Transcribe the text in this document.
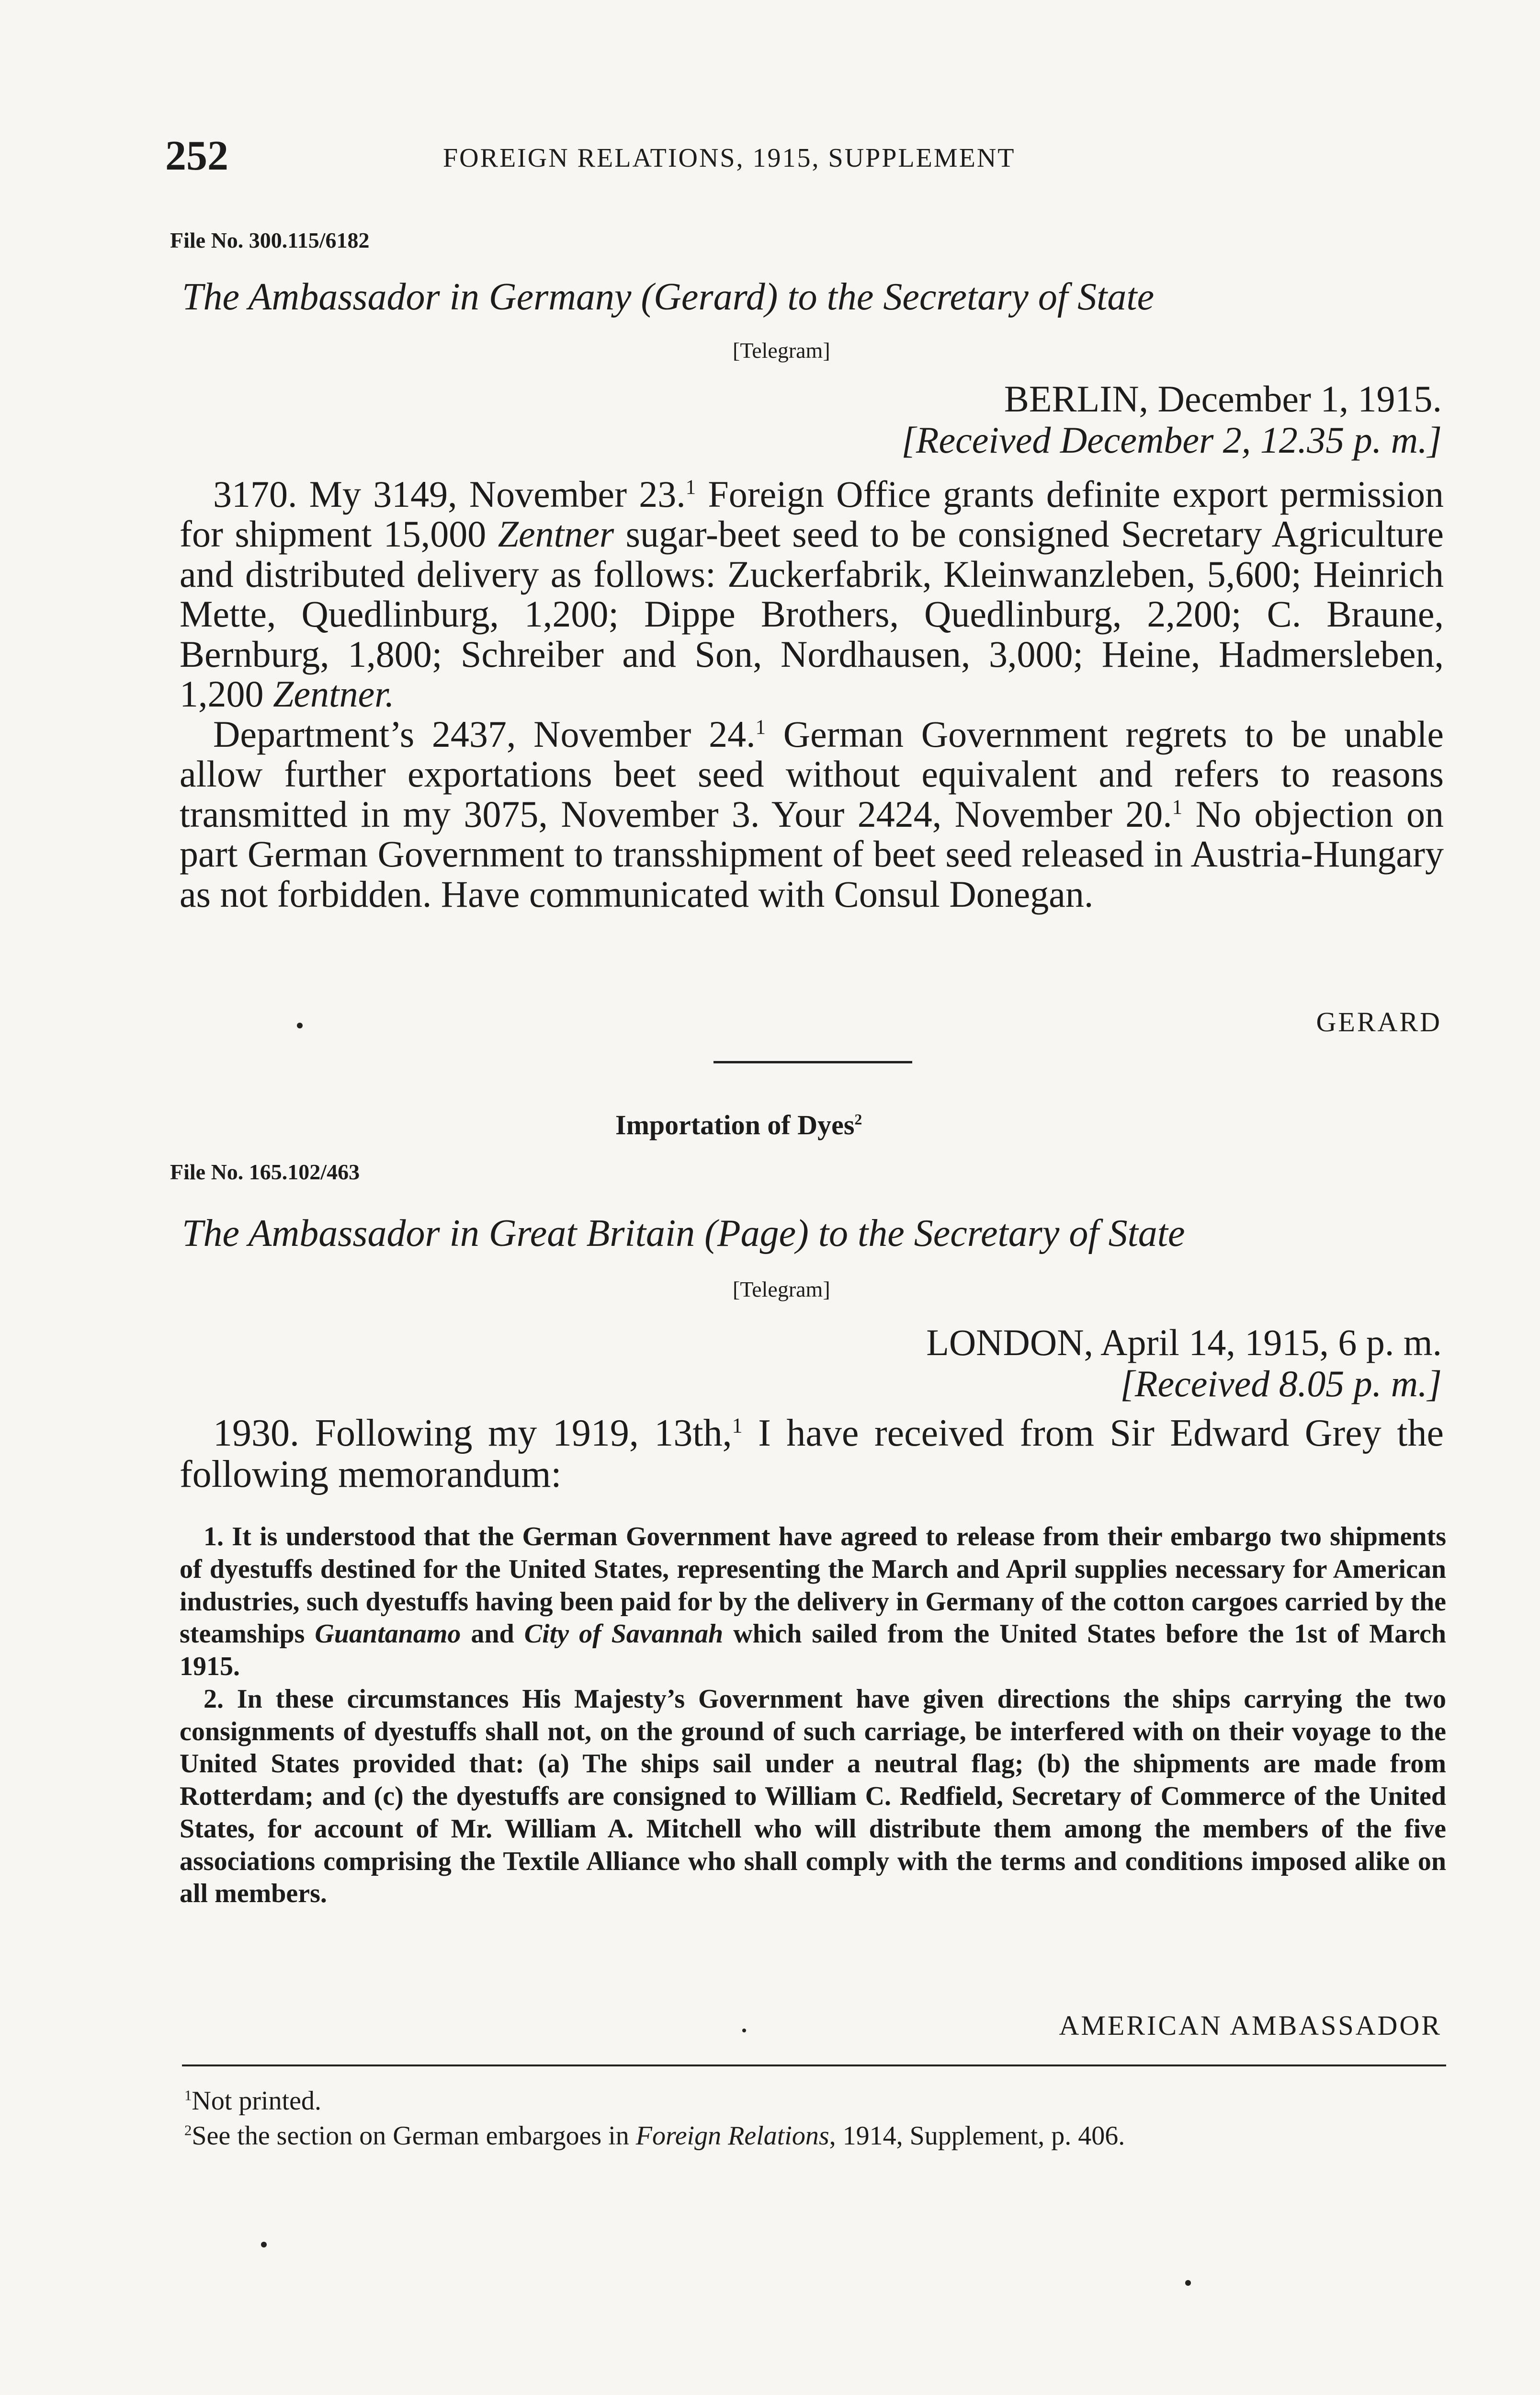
252	FOREIGN RELATIONS, 1915, SUPPLEMENT
File No. 300.115/6182
The Ambassador in Germany (Gerard) to the Secretary of State
[Telegram]
BERLIN, December 1, 1915.
[Received December 2, 12.35 p. m.]

3170. My 3149, November 23.$^1$ Foreign Office grants definite export permission for shipment 15,000 Zentner sugar-beet seed to be consigned Secretary Agriculture and distributed delivery as follows: Zuckerfabrik, Kleinwanzleben, 5,600; Heinrich Mette, Quedlinburg, 1,200; Dippe Brothers, Quedlinburg, 2,200; C. Braune, Bernburg, 1,800; Schreiber and Son, Nordhausen, 3,000; Heine, Hadmersleben, 1,200 Zentner.

Department’s 2437, November 24.$^1$ German Government regrets to be unable allow further exportations beet seed without equivalent and refers to reasons transmitted in my 3075, November 3. Your 2424, November 20.$^1$ No objection on part German Government to transshipment of beet seed released in Austria-Hungary as not forbidden. Have communicated with Consul Donegan.

GERARD
Importation of Dyes$^2$
File No. 165.102/463
The Ambassador in Great Britain (Page) to the Secretary of State
[Telegram]
LONDON, April 14, 1915, 6 p. m.
[Received 8.05 p. m.]

1930. Following my 1919, 13th,$^1$ I have received from Sir Edward Grey the following memorandum:

1. It is understood that the German Government have agreed to release from their embargo two shipments of dyestuffs destined for the United States, representing the March and April supplies necessary for American industries, such dyestuffs having been paid for by the delivery in Germany of the cotton cargoes carried by the steamships Guantanamo and City of Savannah which sailed from the United States before the 1st of March 1915.

2. In these circumstances His Majesty’s Government have given directions the ships carrying the two consignments of dyestuffs shall not, on the ground of such carriage, be interfered with on their voyage to the United States provided that: (a) The ships sail under a neutral flag; (b) the shipments are made from Rotterdam; and (c) the dyestuffs are consigned to William C. Redfield, Secretary of Commerce of the United States, for account of Mr. William A. Mitchell who will distribute them among the members of the five associations comprising the Textile Alliance who shall comply with the terms and conditions imposed alike on all members.

AMERICAN AMBASSADOR

$^1$Not printed.

$^2$See the section on German embargoes in Foreign Relations, 1914, Supplement, p. 406.
